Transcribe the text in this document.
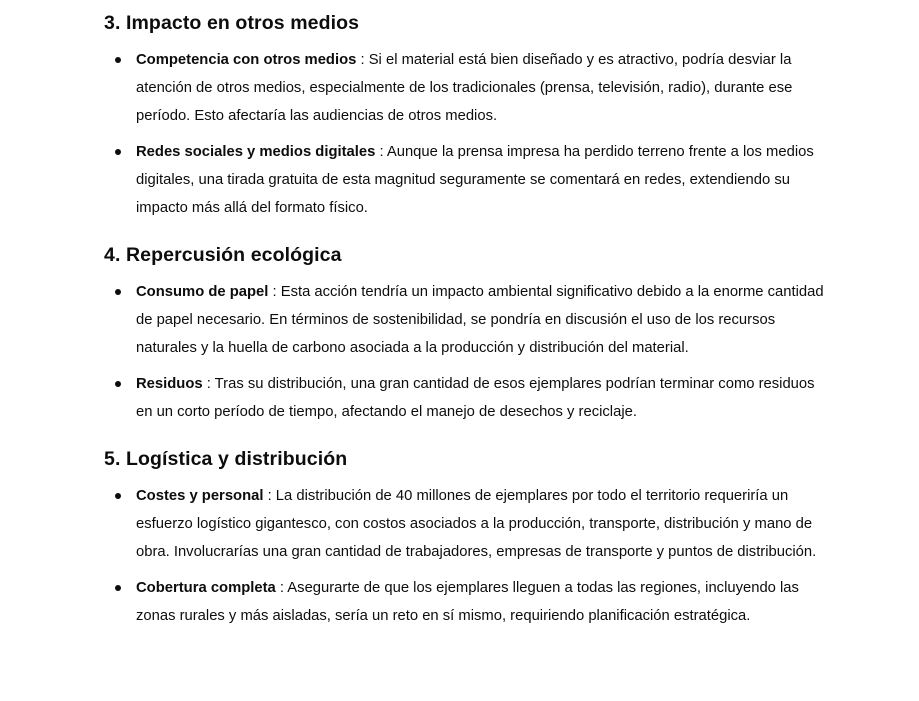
3. Impacto en otros medios
Competencia con otros medios : Si el material está bien diseñado y es atractivo, podría desviar la atención de otros medios, especialmente de los tradicionales (prensa, televisión, radio), durante ese período. Esto afectaría las audiencias de otros medios.
Redes sociales y medios digitales : Aunque la prensa impresa ha perdido terreno frente a los medios digitales, una tirada gratuita de esta magnitud seguramente se comentará en redes, extendiendo su impacto más allá del formato físico.
4. Repercusión ecológica
Consumo de papel : Esta acción tendría un impacto ambiental significativo debido a la enorme cantidad de papel necesario. En términos de sostenibilidad, se pondría en discusión el uso de los recursos naturales y la huella de carbono asociada a la producción y distribución del material.
Residuos : Tras su distribución, una gran cantidad de esos ejemplares podrían terminar como residuos en un corto período de tiempo, afectando el manejo de desechos y reciclaje.
5. Logística y distribución
Costes y personal : La distribución de 40 millones de ejemplares por todo el territorio requeriría un esfuerzo logístico gigantesco, con costos asociados a la producción, transporte, distribución y mano de obra. Involucrarías una gran cantidad de trabajadores, empresas de transporte y puntos de distribución.
Cobertura completa : Asegurarte de que los ejemplares lleguen a todas las regiones, incluyendo las zonas rurales y más aisladas, sería un reto en sí mismo, requiriendo planificación estratégica.
